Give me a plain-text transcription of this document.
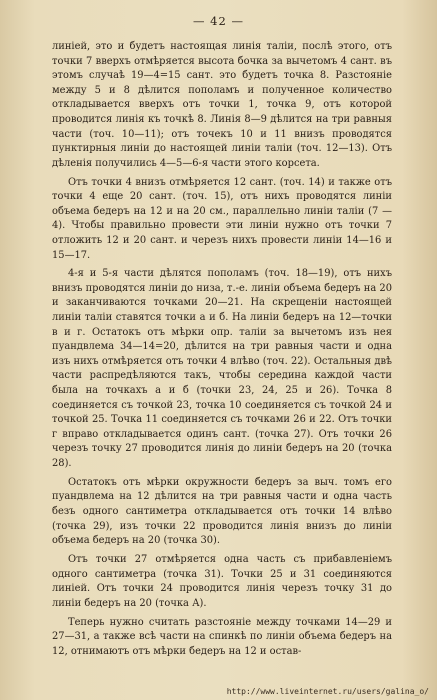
— 42 —

линiей, это и будетъ настоящая линiя талiи, послѣ этого, отъ точки 7 вверхъ отмѣряется высота бочка за вычетомъ 4 сант. въ этомъ случаѣ 19—4=15 сант. это будетъ точка 8. Разстоянiе между 5 и 8 дѣлится пополамъ и полученное количество откладывается вверхъ отъ точки 1, точка 9, отъ которой проводится линiя къ точкѣ 8. Линiя 8—9 дѣлится на три равныя части (точ. 10—11); отъ точекъ 10 и 11 внизъ проводятся пунктирныя линiи до настоящей линiи талiи (точ. 12—13). Отъ дѣленiя получились 4—5—6-я части этого корсета.

Отъ точки 4 внизъ отмѣряется 12 сант. (точ. 14) и также отъ точки 4 еще 20 сант. (точ. 15), отъ нихъ проводятся линiи объема бедеръ на 12 и на 20 см., параллельно линiи талiи (7 — 4). Чтобы правильно провести эти линiи нужно отъ точки 7 отложить 12 и 20 сант. и черезъ нихъ провести линiи 14—16 и 15—17.

4-я и 5-я части дѣлятся пополамъ (точ. 18—19), отъ нихъ внизъ проводятся линiи до низа, т.-е. линiи объема бедеръ на 20 и заканчиваются точками 20—21. На скрещенiи настоящей линiи талiи ставятся точки а и б. На линiи бедеръ на 12—точки в и г. Остатокъ отъ мѣрки опр. талiи за вычетомъ изъ нея пуандвлема 34—14=20, дѣлится на три равныя части и одна изъ нихъ отмѣряется отъ точки 4 влѣво (точ. 22). Остальныя двѣ части распредѣляются такъ, чтобы середина каждой части была на точкахъ а и б (точки 23, 24, 25 и 26). Точка 8 соединяется съ точкой 23, точка 10 соединяется съ точкой 24 и точкой 25. Точка 11 соединяется съ точками 26 и 22. Отъ точки г вправо откладывается одинъ сант. (точка 27). Отъ точки 26 черезъ точку 27 проводится линiя до линiи бедеръ на 20 (точка 28).

Остатокъ отъ мѣрки окружности бедеръ за выч. томъ его пуандвлема на 12 дѣлится на три равныя части и одна часть безъ одного сантиметра откладывается отъ точки 14 влѣво (точка 29), изъ точки 22 проводится линiя внизъ до линiи объема бедеръ на 20 (точка 30).

Отъ точки 27 отмѣряется одна часть съ прибавленiемъ одного сантиметра (точка 31). Точки 25 и 31 соединяются линiей. Отъ точки 24 проводится линiя черезъ точку 31 до линiи бедеръ на 20 (точка А).

Теперь нужно считать разстоянiе между точками 14—29 и 27—31, а также всѣ части на спинкѣ по линiи объема бедеръ на 12, отнимаютъ отъ мѣрки бедеръ на 12 и остав-

http://www.liveinternet.ru/users/galina_o/
